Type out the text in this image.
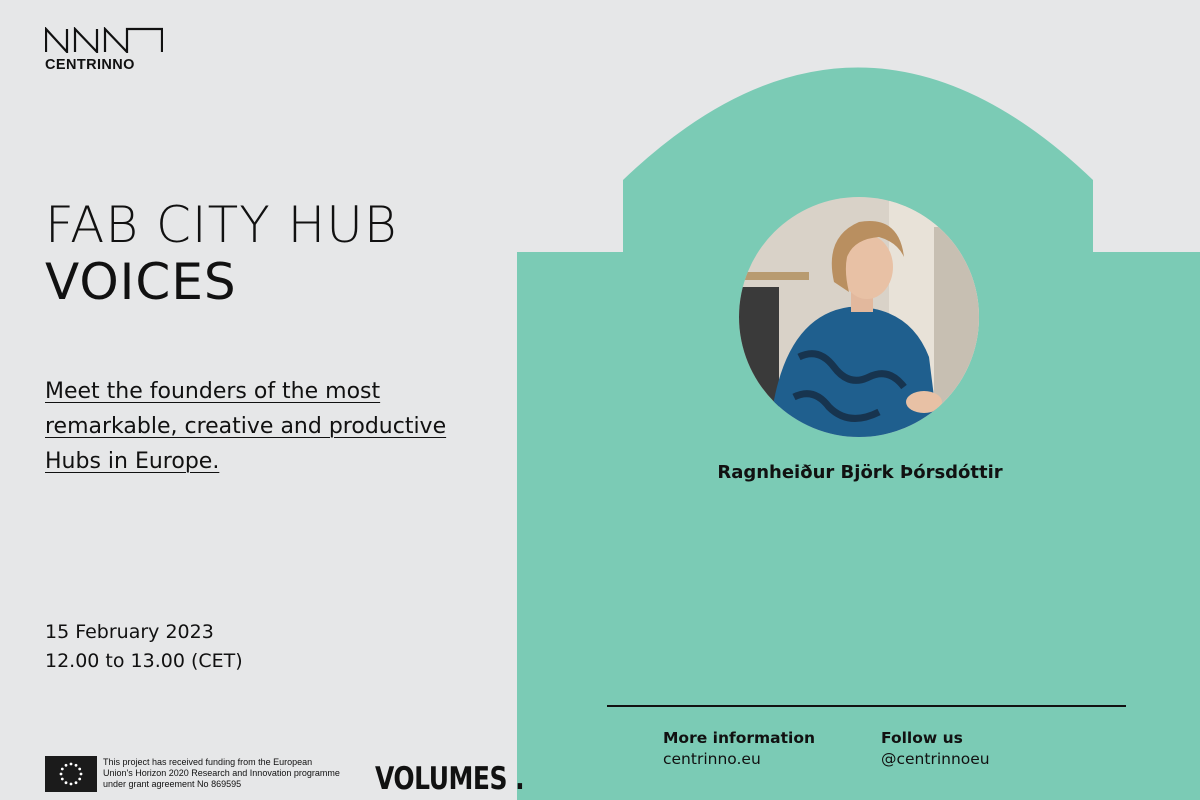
CENTRINNO
FAB CITY HUB
VOICES

Meet the founders of the most remarkable, creative and productive Hubs in Europe.

15 February 2023
12.00 to 13.00 (CET)
This project has received funding from the European Union's Horizon 2020 Research and Innovation programme under grant agreement No 869595	VOLUMES .
Ragnheiður Björk Þórsdóttir
More information
centrinno.eu
Follow us
@centrinnoeu
